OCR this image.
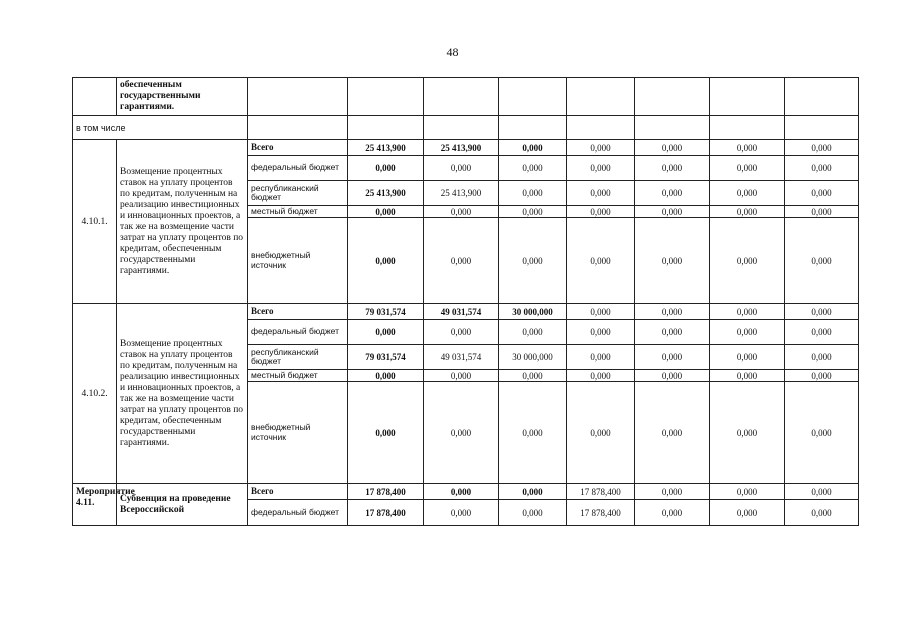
48
	обеспеченным государственными гарантиями.								
в том числе									
4.10.1.	Возмещение процентных ставок на уплату процентов по кредитам, полученным на реализацию инвестиционных и инновационных проектов, а так же на возмещение части затрат на уплату процентов по кредитам, обеспеченным государственными гарантиями.	Всего	25 413,900	25 413,900	0,000	0,000	0,000	0,000	0,000
		федеральный бюджет	0,000	0,000	0,000	0,000	0,000	0,000	0,000
		республиканский бюджет	25 413,900	25 413,900	0,000	0,000	0,000	0,000	0,000
		местный бюджет	0,000	0,000	0,000	0,000	0,000	0,000	0,000
		внебюджетный источник	0,000	0,000	0,000	0,000	0,000	0,000	0,000
4.10.2.	Возмещение процентных ставок на уплату процентов по кредитам, полученным на реализацию инвестиционных и инновационных проектов, а так же на возмещение части затрат на уплату процентов по кредитам, обеспеченным государственными гарантиями.	Всего	79 031,574	49 031,574	30 000,000	0,000	0,000	0,000	0,000
		федеральный бюджет	0,000	0,000	0,000	0,000	0,000	0,000	0,000
		республиканский бюджет	79 031,574	49 031,574	30 000,000	0,000	0,000	0,000	0,000
		местный бюджет	0,000	0,000	0,000	0,000	0,000	0,000	0,000
		внебюджетный источник	0,000	0,000	0,000	0,000	0,000	0,000	0,000
Мероприятие 4.11.	Субвенция на проведение Всероссийской	Всего	17 878,400	0,000	0,000	17 878,400	0,000	0,000	0,000
		федеральный бюджет	17 878,400	0,000	0,000	17 878,400	0,000	0,000	0,000
